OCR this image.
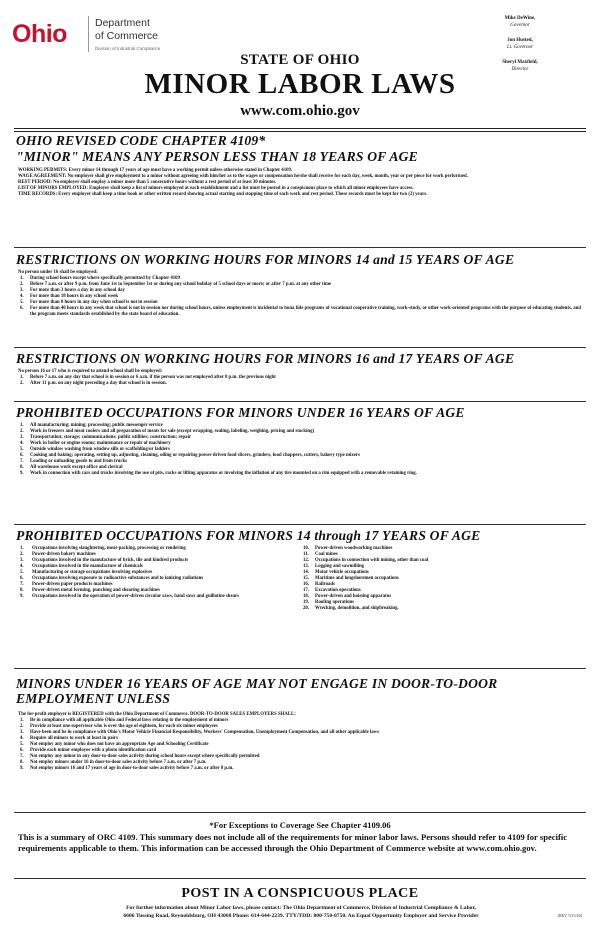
Ohio	Department
of Commerce
Division of Industrial Compliance
Mike DeWine,
Governor
Jon Husted,
Lt. Governor
Sheryl Maxfield,
Director
STATE OF OHIO
MINOR LABOR LAWS
www.com.ohio.gov
OHIO REVISED CODE CHAPTER 4109*
"MINOR" MEANS ANY PERSON LESS THAN 18 YEARS OF AGE

WORKING PERMITS: Every minor 14 through 17 years of age must have a working permit unless otherwise stated in Chapter 4109.

WAGE AGREEMENT: No employer shall give employment to a minor without agreeing with him/her as to the wages or compensation he/she shall receive for each day, week, month, year or per piece for work performed.

REST PERIOD: No employer shall employ a minor more than 5 consecutive hours without a rest period of at least 30 minutes.

LIST OF MINORS EMPLOYED: Employer shall keep a list of minors employed at each establishment and a list must be posted in a conspicuous place to which all minor employees have access.

TIME RECORDS: Every employer shall keep a time book or other written record showing actual starting and stopping time of each work and rest period. These records must be kept for two (2) years.

RESTRICTIONS ON WORKING HOURS FOR MINORS 14 and 15 YEARS OF AGE

No person under 16 shall be employed:

1. During school hours except where specifically permitted by Chapter 4109
2. Before 7 a.m. or after 9 p.m. from June 1st to September 1st or during any school holiday of 5 school days or more; or after 7 p.m. at any other time
3. For more than 3 hours a day in any school day
4. For more than 18 hours in any school week
5. For more than 8 hours in any day when school is not in session
6. For more than 40 hours in any week that school is not in session nor during school hours, unless employment is incidental to bona fide programs of vocational cooperative training, work-study, or other work-oriented programs with the purpose of educating students, and the program meets standards established by the state board of education.
RESTRICTIONS ON WORKING HOURS FOR MINORS 16 and 17 YEARS OF AGE

No person 16 or 17 who is required to attend school shall be employed:

1. Before 7 a.m. on any day that school is in session or 6 a.m. if the person was not employed after 8 p.m. the previous night
2. After 11 p.m. on any night preceding a day that school is in session.
PROHIBITED OCCUPATIONS FOR MINORS UNDER 16 YEARS OF AGE
1. All manufacturing; mining; processing; public messenger service
2. Work in freezers and meat coolers and all preparation of meats for sale (except wrapping, sealing, labeling, weighing, pricing and stocking)
3. Transportation; storage; communications; public utilities; construction; repair
4. Work in boiler or engine rooms; maintenance or repair of machinery
5. Outside window washing from window sills or scaffolding/or ladders
6. Cooking and baking; operating, setting up, adjusting, cleaning, oiling or repairing power-driven food slicers, grinders, food choppers, cutters, bakery type mixers
7. Loading or unloading goods to and from trucks
8. All warehouse work except office and clerical
9. Work in connection with cars and trucks involving the use of pits, racks or lifting apparatus or involving the inflation of any tire mounted on a rim equipped with a removable retaining ring.
PROHIBITED OCCUPATIONS FOR MINORS 14 through 17 YEARS OF AGE
1. Occupations involving slaughtering, meat-packing, processing or rendering
2. Power-driven bakery machines
3. Occupations involved in the manufacture of brick, tile and kindred products
4. Occupations involved in the manufacture of chemicals
5. Manufacturing or storage occupations involving explosives
6. Occupations involving exposure to radioactive substances and to ionizing radiations
7. Power-driven paper products machines
8. Power-driven metal forming, punching and shearing machines
9. Occupations involved in the operation of power-driven circular saws, band saws and guillotine shears
10. Power-driven woodworking machines
11. Coal mines
12. Occupations in connection with mining, other than coal
13. Logging and sawmilling
14. Motor vehicle occupations
15. Maritime and longshoremen occupations
16. Railroads
17. Excavation operations
18. Power-driven and hoisting apparatus
19. Roofing operations
20. Wrecking, demolition, and shipbreaking.
MINORS UNDER 16 YEARS OF AGE MAY NOT ENGAGE IN DOOR-TO-DOOR EMPLOYMENT UNLESS

The for-profit employer is REGISTERED with the Ohio Department of Commerce. DOOR-TO-DOOR SALES EMPLOYERS SHALL:

1. Be in compliance with all applicable Ohio and Federal laws relating to the employment of minors
2. Provide at least one supervisor who is over the age of eighteen, for each six minor employees
3. Have been and be in compliance with Ohio's Motor Vehicle Financial Responsibility, Workers' Compensation, Unemployment Compensation, and all other applicable laws
4. Require all minors to work at least in pairs
5. Not employ any minor who does not have an appropriate Age and Schooling Certificate
6. Provide each minor employee with a photo identification card
7. Not employ any minor in any door-to-door sales activity during school hours except where specifically permitted
8. Not employ minors under 16 in door-to-door sales activity before 7 a.m. or after 7 p.m.
9. Not employ minors 16 and 17 years of age in door-to-door sales activity before 7 a.m. or after 8 p.m.
*For Exceptions to Coverage See Chapter 4109.06
This is a summary of ORC 4109. This summary does not include all of the requirements for minor labor laws. Persons should refer to 4109 for specific requirements applicable to them. This information can be accessed through the Ohio Department of Commerce website at www.com.ohio.gov.
POST IN A CONSPICUOUS PLACE
For further information about Minor Labor laws, please contact: The Ohio Department of Commerce, Division of Industrial Compliance & Labor,
6606 Tussing Road, Reynoldsburg, OH 43068 Phone: 614-644-2239. TTY/TDD: 800-750-0750. An Equal Opportunity Employer and Service Provider	(REV. 9/15/20)
